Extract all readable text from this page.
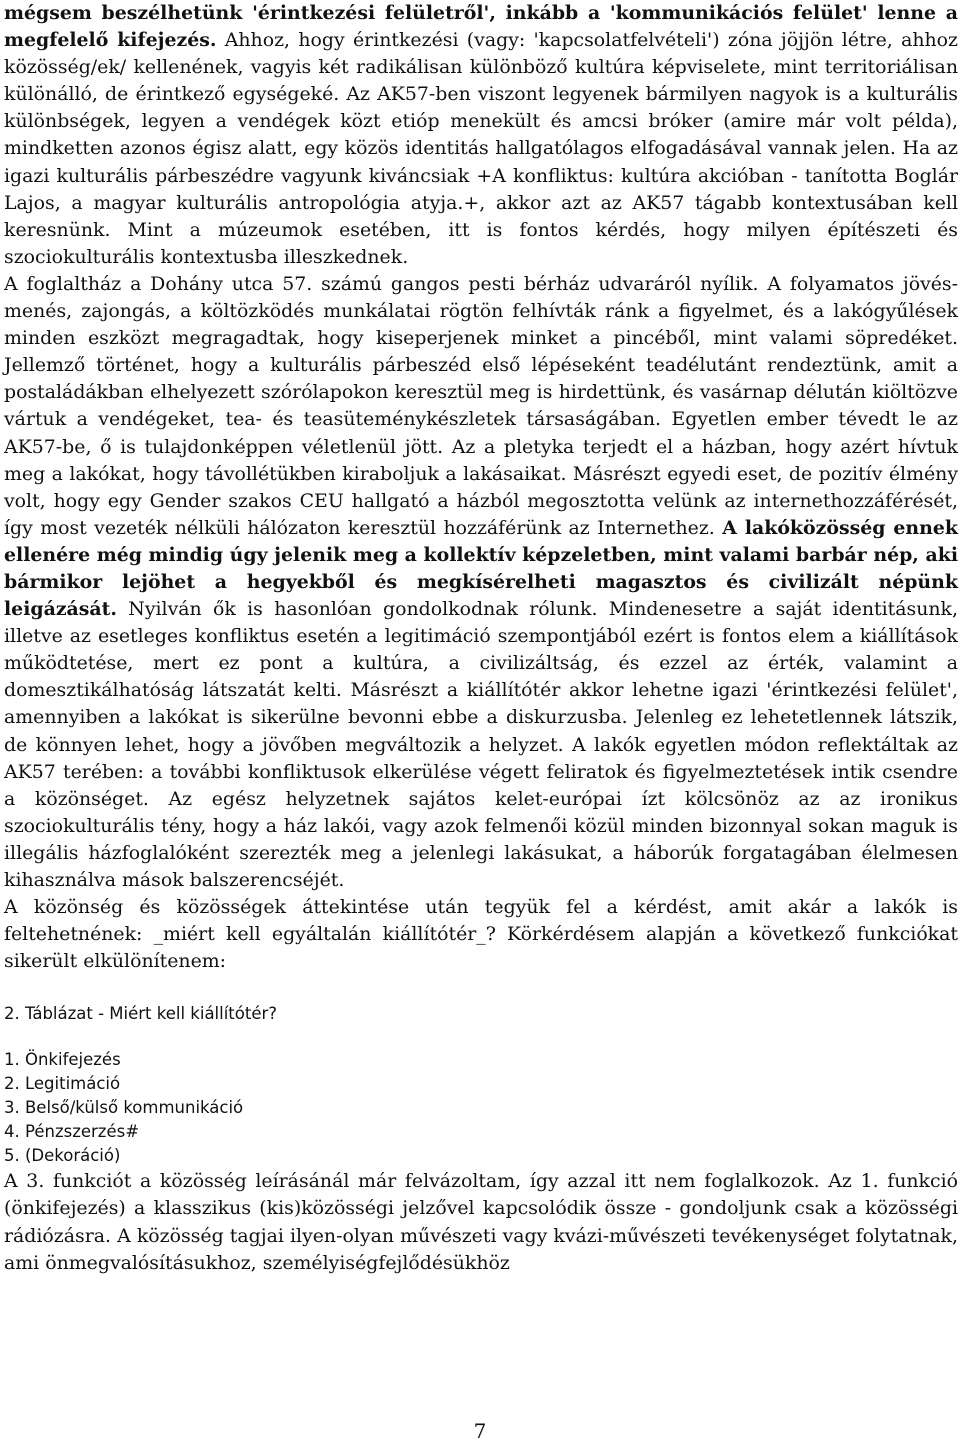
mégsem beszélhetünk 'érintkezési felületről', inkább a 'kommunikációs felület' lenne a megfelelő kifejezés. Ahhoz, hogy érintkezési (vagy: 'kapcsolatfelvételi') zóna jöjjön létre, ahhoz közösség/ek/ kellenének, vagyis két radikálisan különböző kultúra képviselete, mint territoriálisan különálló, de érintkező egységeké. Az AK57-ben viszont legyenek bármilyen nagyok is a kulturális különbségek, legyen a vendégek közt etióp menekült és amcsi bróker (amire már volt példa), mindketten azonos égisz alatt, egy közös identitás hallgatólagos elfogadásával vannak jelen. Ha az igazi kulturális párbeszédre vagyunk kiváncsiak +A konfliktus: kultúra akcióban - tanította Boglár Lajos, a magyar kulturális antropológia atyja.+, akkor azt az AK57 tágabb kontextusában kell keresnünk. Mint a múzeumok esetében, itt is fontos kérdés, hogy milyen építészeti és szociokulturális kontextusba illeszkednek.

A foglaltház a Dohány utca 57. számú gangos pesti bérház udvaráról nyílik. A folyamatos jövés-menés, zajongás, a költözködés munkálatai rögtön felhívták ránk a figyelmet, és a lakógyűlések minden eszközt megragadtak, hogy kiseperjenek minket a pincéből, mint valami söpredéket. Jellemző történet, hogy a kulturális párbeszéd első lépéseként teadélutánt rendeztünk, amit a postaládákban elhelyezett szórólapokon keresztül meg is hirdettünk, és vasárnap délután kiöltözve vártuk a vendégeket, tea- és teasüteménykészletek társaságában. Egyetlen ember tévedt le az AK57-be, ő is tulajdonképpen véletlenül jött. Az a pletyka terjedt el a házban, hogy azért hívtuk meg a lakókat, hogy távollétükben kiraboljuk a lakásaikat. Másrészt egyedi eset, de pozitív élmény volt, hogy egy Gender szakos CEU hallgató a házból megosztotta velünk az internethozzáférését, így most vezeték nélküli hálózaton keresztül hozzáférünk az Internethez. A lakóközösség ennek ellenére még mindig úgy jelenik meg a kollektív képzeletben, mint valami barbár nép, aki bármikor lejöhet a hegyekből és megkísérelheti magasztos és civilizált népünk leigázását. Nyilván ők is hasonlóan gondolkodnak rólunk. Mindenesetre a saját identitásunk, illetve az esetleges konfliktus esetén a legitimáció szempontjából ezért is fontos elem a kiállítások működtetése, mert ez pont a kultúra, a civilizáltság, és ezzel az érték, valamint a domesztikálhatóság látszatát kelti. Másrészt a kiállítótér akkor lehetne igazi 'érintkezési felület', amennyiben a lakókat is sikerülne bevonni ebbe a diskurzusba. Jelenleg ez lehetetlennek látszik, de könnyen lehet, hogy a jövőben megváltozik a helyzet. A lakók egyetlen módon reflektáltak az AK57 terében: a további konfliktusok elkerülése végett feliratok és figyelmeztetések intik csendre a közönséget. Az egész helyzetnek sajátos kelet-európai ízt kölcsönöz az az ironikus szociokulturális tény, hogy a ház lakói, vagy azok felmenői közül minden bizonnyal sokan maguk is illegális házfoglalóként szerezték meg a jelenlegi lakásukat, a háborúk forgatagában élelmesen kihasználva mások balszerencséjét.

A közönség és közösségek áttekintése után tegyük fel a kérdést, amit akár a lakók is feltehetnének: _miért kell egyáltalán kiállítótér_? Körkérdésem alapján a következő funkciókat sikerült elkülönítenem:

2. Táblázat - Miért kell kiállítótér?

1. Önkifejezés
2. Legitimáció
3. Belső/külső kommunikáció
4. Pénzszerzés#
5. (Dekoráció)

A 3. funkciót a közösség leírásánál már felvázoltam, így azzal itt nem foglalkozok. Az 1. funkció (önkifejezés) a klasszikus (kis)közösségi jelzővel kapcsolódik össze - gondoljunk csak a közösségi rádiózásra. A közösség tagjai ilyen-olyan művészeti vagy kvázi-művészeti tevékenységet folytatnak, ami önmegvalósításukhoz, személyiségfejlődésükhöz

7
